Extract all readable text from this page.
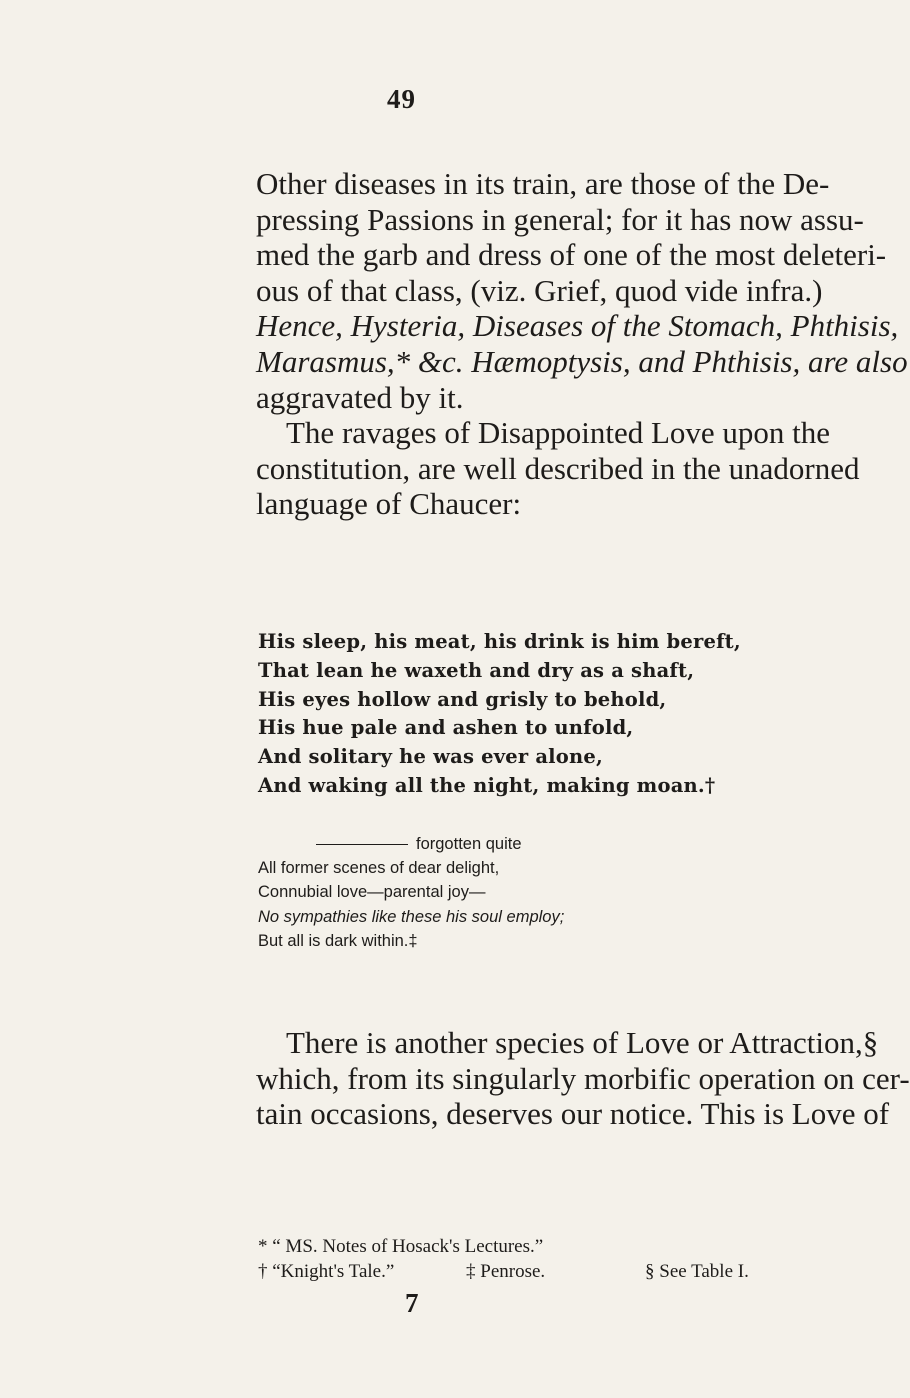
49
Other diseases in its train, are those of the De-
pressing Passions in general; for it has now assu-
med the garb and dress of one of the most deleteri-
ous of that class, (viz. Grief, quod vide infra.)
Hence, Hysteria, Diseases of the Stomach, Phthisis,
Marasmus,* &c. Hæmoptysis, and Phthisis, are also
aggravated by it.
The ravages of Disappointed Love upon the
constitution, are well described in the unadorned
language of Chaucer:
His sleep, his meat, his drink is him bereft,
That lean he waxeth and dry as a shaft,
His eyes hollow and grisly to behold,
His hue pale and ashen to unfold,
And solitary he was ever alone,
And waking all the night, making moan.†
forgotten quite
All former scenes of dear delight,
Connubial love—parental joy—
No sympathies like these his soul employ;
But all is dark within.‡
There is another species of Love or Attraction,§
which, from its singularly morbific operation on cer-
tain occasions, deserves our notice. This is Love of
* “ MS. Notes of Hosack's Lectures.”
† “Knight's Tale.”	‡ Penrose.	§ See Table I.
7
